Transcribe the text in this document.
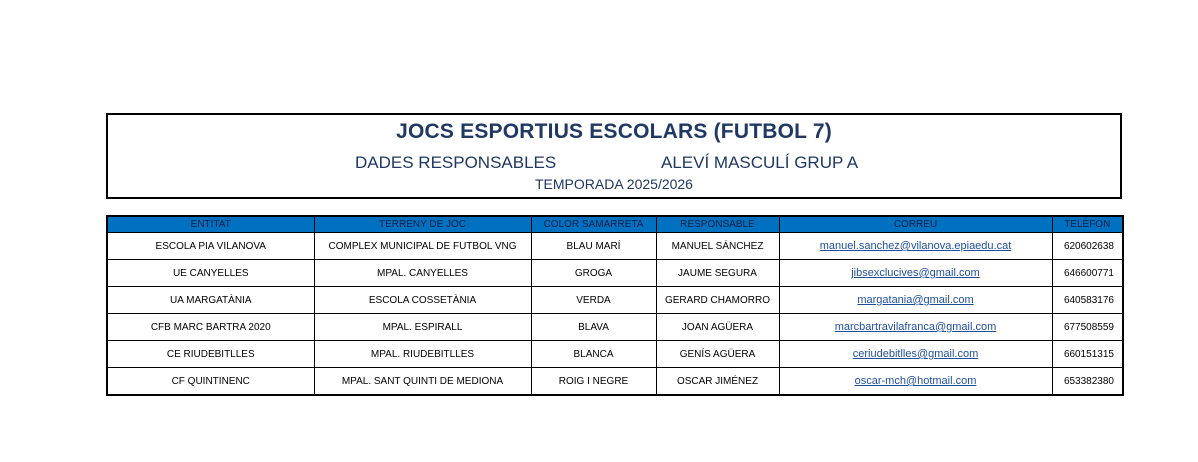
JOCS ESPORTIUS ESCOLARS (FUTBOL 7)
DADES RESPONSABLES	ALEVÍ MASCULÍ GRUP A
TEMPORADA 2025/2026
ENTITAT	TERRENY DE JOC	COLOR SAMARRETA	RESPONSABLE	CORREU	TELÈFON
ESCOLA PIA VILANOVA	COMPLEX MUNICIPAL DE FUTBOL VNG	BLAU MARÍ	MANUEL SÁNCHEZ	manuel.sanchez@vilanova.epiaedu.cat	620602638
UE CANYELLES	MPAL. CANYELLES	GROGA	JAUME SEGURA	jibsexclucives@gmail.com	646600771
UA MARGATÀNIA	ESCOLA COSSETÀNIA	VERDA	GERARD CHAMORRO	margatania@gmail.com	640583176
CFB MARC BARTRA 2020	MPAL. ESPIRALL	BLAVA	JOAN AGÜERA	marcbartravilafranca@gmail.com	677508559
CE RIUDEBITLLES	MPAL. RIUDEBITLLES	BLANCA	GENÍS AGÜERA	ceriudebitlles@gmail.com	660151315
CF QUINTINENC	MPAL. SANT QUINTI DE MEDIONA	ROIG I NEGRE	OSCAR JIMÉNEZ	oscar-mch@hotmail.com	653382380
